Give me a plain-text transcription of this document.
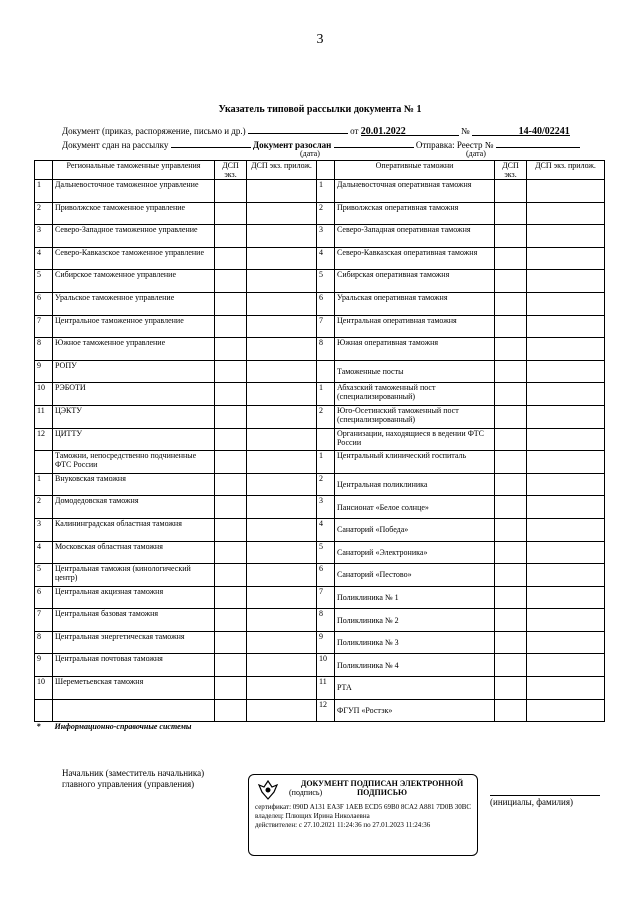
3
Указатель типовой рассылки документа № 1
Документ (приказ, распоряжение, письмо и др.)	от 20.01.2022	№	14-40/02241
Документ сдан на рассылку	Документ разослан	Отправка: Реестр №
(дата)	(дата)
	Региональные таможенные управления	ДСП экз.	ДСП экз. прилож.		Оперативные таможни	ДСП экз.	ДСП экз. прилож.
1	Дальневосточное таможенное управление			1	Дальневосточная оперативная таможня		
2	Приволжское таможенное управление			2	Приволжская оперативная таможня		
3	Северо-Западное таможенное управление			3	Северо-Западная оперативная таможня		
4	Северо-Кавказское таможенное управление			4	Северо-Кавказская оперативная таможня		
5	Сибирское таможенное управление			5	Сибирская оперативная таможня		
6	Уральское таможенное управление			6	Уральская оперативная таможня		
7	Центральное таможенное управление			7	Центральная оперативная таможня		
8	Южное таможенное управление			8	Южная оперативная таможня		
9	РОПУ				Таможенные посты		
10	РЭБОТИ			1	Абхазский таможенный пост (специализированный)		
11	ЦЭКТУ			2	Юго-Осетинский таможенный пост (специализированный)		
12	ЦИТТУ				Организации, находящиеся в ведении ФТС России		
	Таможни, непосредственно подчиненные ФТС России			1	Центральный клинический госпиталь		
1	Внуковская таможня			2	Центральная поликлиника		
2	Домодедовская таможня			3	Пансионат «Белое солнце»		
3	Калининградская областная таможня			4	Санаторий «Победа»		
4	Московская областная таможня			5	Санаторий «Электроника»		
5	Центральная таможня (кинологический центр)			6	Санаторий «Пестово»		
6	Центральная акцизная таможня			7	Поликлиника № 1		
7	Центральная базовая таможня			8	Поликлиника № 2		
8	Центральная энергетическая таможня			9	Поликлиника № 3		
9	Центральная почтовая таможня			10	Поликлиника № 4		
10	Шереметьевская таможня			11	РТА		
				12	ФГУП «Ростэк»		
*	Информационно-справочные системы						
Начальник (заместитель начальника)
главного управления (управления)	ДОКУМЕНТ ПОДПИСАН ЭЛЕКТРОННОЙ ПОДПИСЬЮ
(подпись)
сертификат: 090D A131 EA3F 1AEB ECD5 69B0 8CA2 A881 7D0B 30BC
владелец: Плющих Ирина Николаевна
действителен: с 27.10.2021 11:24:36 по 27.01.2023 11:24:36
(инициалы, фамилия)
